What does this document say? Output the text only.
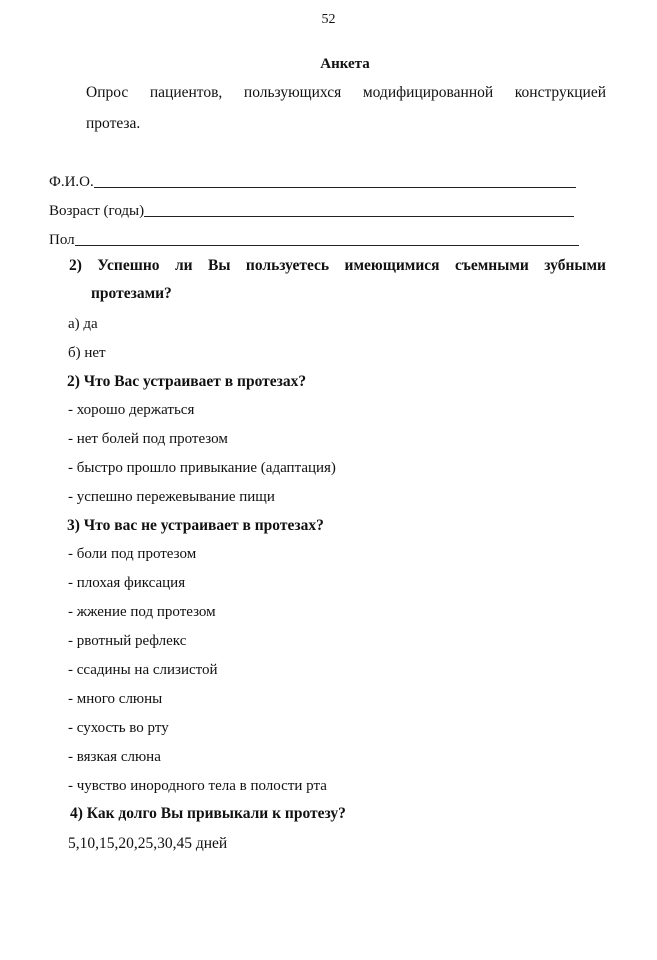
52
Анкета
Опрос пациентов, пользующихся модифицированной конструкцией
протеза.
Ф.И.О.
Возраст (годы)
Пол
2) Успешно ли Вы пользуетесь имеющимися съемными зубными
протезами?
а) да
б) нет
2) Что Вас устраивает в протезах?
- хорошо держаться
- нет болей под протезом
- быстро прошло привыкание (адаптация)
- успешно пережевывание пищи
3) Что вас не устраивает в протезах?
- боли под протезом
- плохая фиксация
- жжение под протезом
- рвотный рефлекс
- ссадины на слизистой
- много слюны
- сухость во рту
- вязкая слюна
- чувство инородного тела в полости рта
4) Как долго Вы привыкали к протезу?
5,10,15,20,25,30,45 дней
